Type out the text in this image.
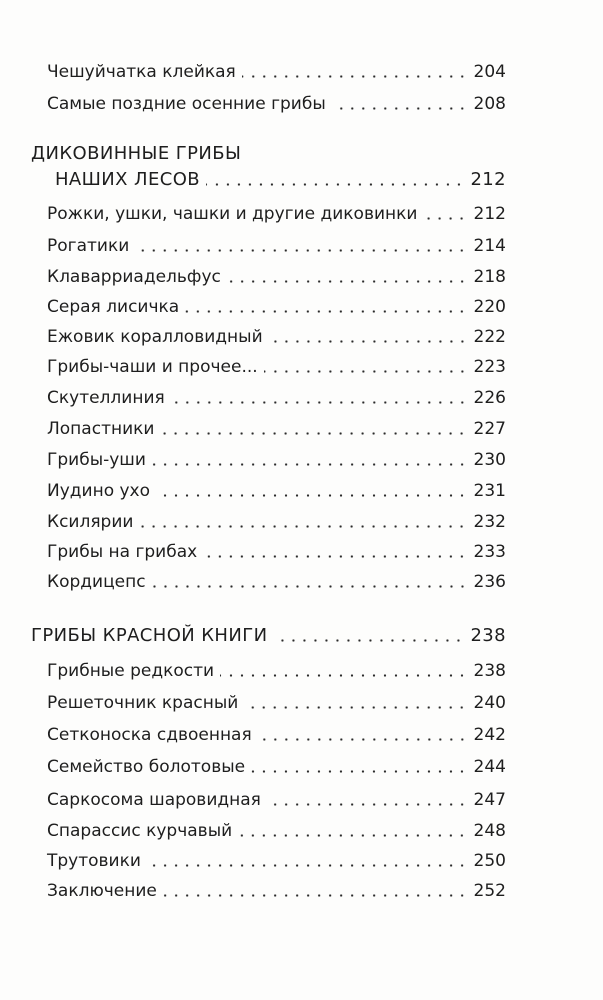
Чешуйчатка клейкая	204
Самые поздние осенние грибы	208
ДИКОВИННЫЕ ГРИБЫ
НАШИХ ЛЕСОВ	212
Рожки, ушки, чашки и другие диковинки	212
Рогатики	214
Клаварриадельфус	218
Серая лисичка	220
Ежовик коралловидный	222
Грибы-чаши и прочее...	223
Скутеллиния	226
Лопастники	227
Грибы-уши	230
Иудино ухо	231
Ксилярии	232
Грибы на грибах	233
Кордицепс	236
ГРИБЫ КРАСНОЙ КНИГИ	238
Грибные редкости	238
Решеточник красный	240
Сетконоска сдвоенная	242
Семейство болотовые	244
Саркосома шаровидная	247
Спарассис курчавый	248
Трутовики	250
Заключение	252
